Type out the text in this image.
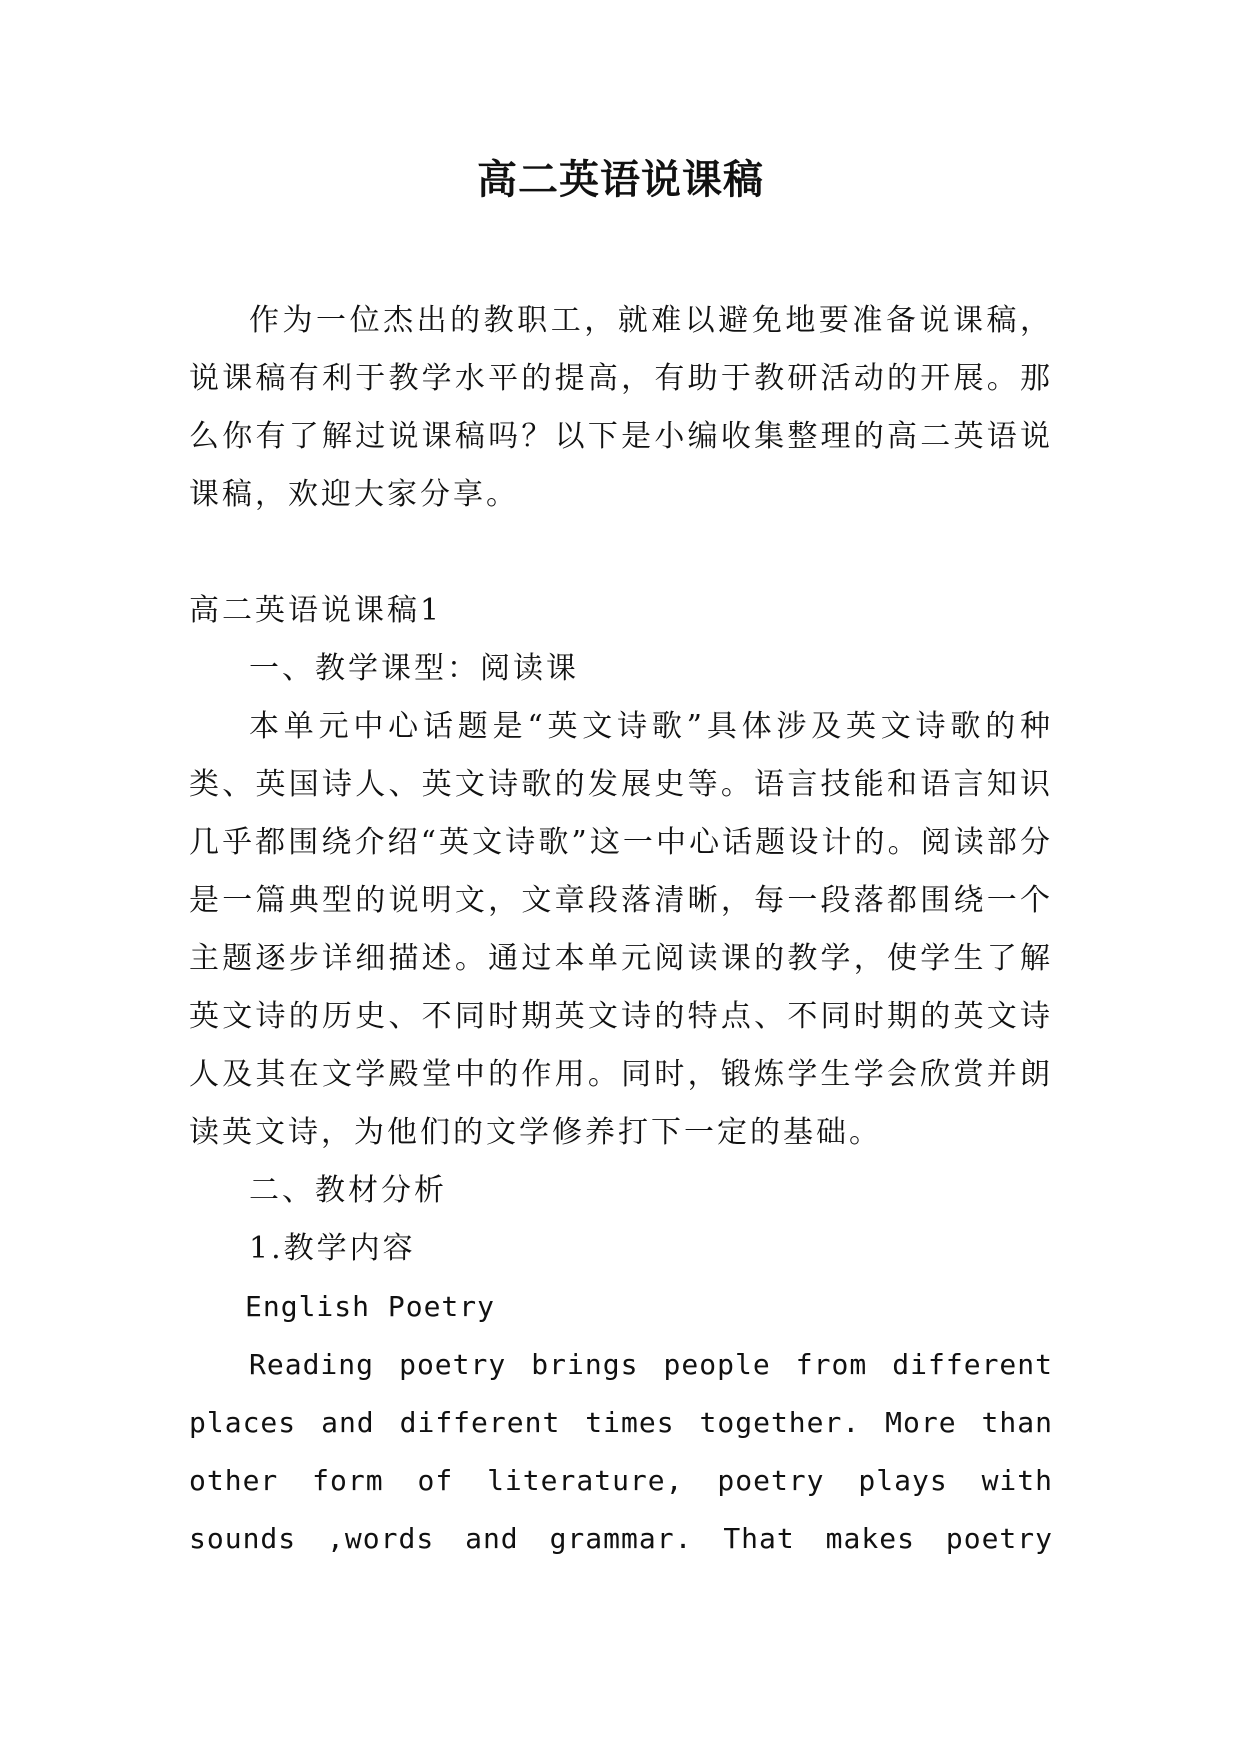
高二英语说课稿

作为一位杰出的教职工，就难以避免地要准备说课稿，说课稿有利于教学水平的提高，有助于教研活动的开展。那么你有了解过说课稿吗？以下是小编收集整理的高二英语说课稿，欢迎大家分享。

高二英语说课稿1

一、教学课型：阅读课

本单元中心话题是“英文诗歌”具体涉及英文诗歌的种类、英国诗人、英文诗歌的发展史等。语言技能和语言知识几乎都围绕介绍“英文诗歌”这一中心话题设计的。阅读部分是一篇典型的说明文，文章段落清晰，每一段落都围绕一个主题逐步详细描述。通过本单元阅读课的教学，使学生了解英文诗的历史、不同时期英文诗的特点、不同时期的英文诗人及其在文学殿堂中的作用。同时，锻炼学生学会欣赏并朗读英文诗，为他们的文学修养打下一定的基础。

二、教材分析

1.教学内容

English Poetry

Reading poetry brings people from different
places and different times together. More than
other form of literature, poetry plays with
sounds ,words and grammar. That makes poetry
